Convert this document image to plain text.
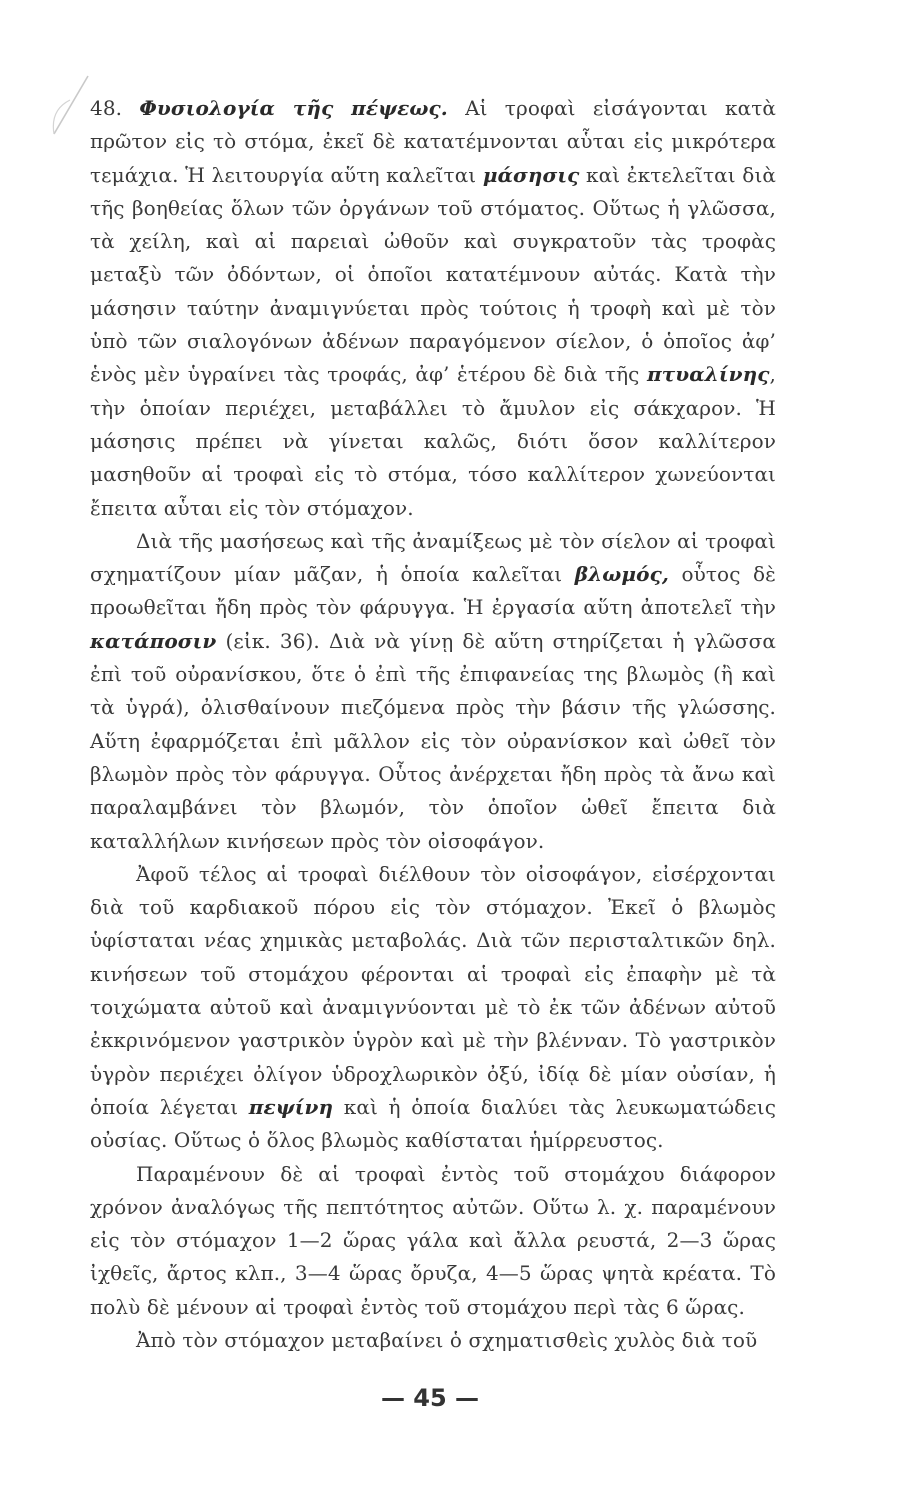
48. Φυσιολογία τῆς πέψεως. Αἱ τροφαὶ εἰσάγονται κατὰ πρῶτον εἰς τὸ στόμα, ἐκεῖ δὲ κατατέμνονται αὗται εἰς μικρότερα τεμάχια. Ἡ λειτουργία αὕτη καλεῖται μάσησις καὶ ἐκτελεῖται διὰ τῆς βοηθείας ὅλων τῶν ὀργάνων τοῦ στόματος. Οὕτως ἡ γλῶσσα, τὰ χείλη, καὶ αἱ παρειαὶ ὠθοῦν καὶ συγκρατοῦν τὰς τροφὰς μεταξὺ τῶν ὀδόντων, οἱ ὁποῖοι κατατέμνουν αὐτάς. Κατὰ τὴν μάσησιν ταύτην ἀναμιγνύεται πρὸς τούτοις ἡ τροφὴ καὶ μὲ τὸν ὑπὸ τῶν σιαλογόνων ἀδένων παραγόμενον σίελον, ὁ ὁποῖος ἀφ’ ἑνὸς μὲν ὑγραίνει τὰς τροφάς, ἀφ’ ἑτέρου δὲ διὰ τῆς πτυαλίνης, τὴν ὁποίαν περιέχει, μεταβάλλει τὸ ἄμυλον εἰς σάκχαρον. Ἡ μάσησις πρέπει νὰ γίνεται καλῶς, διότι ὅσον καλλίτερον μασηθοῦν αἱ τροφαὶ εἰς τὸ στόμα, τόσο καλλίτερον χωνεύονται ἔπειτα αὗται εἰς τὸν στόμαχον.

Διὰ τῆς μασήσεως καὶ τῆς ἀναμίξεως μὲ τὸν σίελον αἱ τροφαὶ σχηματίζουν μίαν μᾶζαν, ἡ ὁποία καλεῖται βλωμός, οὗτος δὲ προωθεῖται ἤδη πρὸς τὸν φάρυγγα. Ἡ ἐργασία αὕτη ἀποτελεῖ τὴν κατάποσιν (εἰκ. 36). Διὰ νὰ γίνῃ δὲ αὕτη στηρίζεται ἡ γλῶσσα ἐπὶ τοῦ οὐρανίσκου, ὅτε ὁ ἐπὶ τῆς ἐπιφανείας της βλωμὸς (ἢ καὶ τὰ ὑγρά), ὀλισθαίνουν πιεζόμενα πρὸς τὴν βάσιν τῆς γλώσσης. Αὕτη ἐφαρμόζεται ἐπὶ μᾶλλον εἰς τὸν οὐρανίσκον καὶ ὠθεῖ τὸν βλωμὸν πρὸς τὸν φάρυγγα. Οὗτος ἀνέρχεται ἤδη πρὸς τὰ ἄνω καὶ παραλαμβάνει τὸν βλωμόν, τὸν ὁποῖον ὠθεῖ ἔπειτα διὰ καταλλήλων κινήσεων πρὸς τὸν οἰσοφάγον.

Ἀφοῦ τέλος αἱ τροφαὶ διέλθουν τὸν οἰσοφάγον, εἰσέρχονται διὰ τοῦ καρδιακοῦ πόρου εἰς τὸν στόμαχον. Ἐκεῖ ὁ βλωμὸς ὑφίσταται νέας χημικὰς μεταβολάς. Διὰ τῶν περισταλτικῶν δηλ. κινήσεων τοῦ στομάχου φέρονται αἱ τροφαὶ εἰς ἐπαφὴν μὲ τὰ τοιχώματα αὐτοῦ καὶ ἀναμιγνύονται μὲ τὸ ἐκ τῶν ἀδένων αὐτοῦ ἐκκρινόμενον γαστρικὸν ὑγρὸν καὶ μὲ τὴν βλένναν. Τὸ γαστρικὸν ὑγρὸν περιέχει ὀλίγον ὑδροχλωρικὸν ὀξύ, ἰδίᾳ δὲ μίαν οὐσίαν, ἡ ὁποία λέγεται πεψίνη καὶ ἡ ὁποία διαλύει τὰς λευκωματώδεις οὐσίας. Οὕτως ὁ ὅλος βλωμὸς καθίσταται ἡμίρρευστος.

Παραμένουν δὲ αἱ τροφαὶ ἐντὸς τοῦ στομάχου διάφορον χρόνον ἀναλόγως τῆς πεπτότητος αὐτῶν. Οὕτω λ. χ. παραμένουν εἰς τὸν στόμαχον 1—2 ὥρας γάλα καὶ ἄλλα ρευστά, 2—3 ὥρας ἰχθεῖς, ἄρτος κλπ., 3—4 ὥρας ὄρυζα, 4—5 ὥρας ψητὰ κρέατα. Τὸ πολὺ δὲ μένουν αἱ τροφαὶ ἐντὸς τοῦ στομάχου περὶ τὰς 6 ὥρας.

Ἀπὸ τὸν στόμαχον μεταβαίνει ὁ σχηματισθεὶς χυλὸς διὰ τοῦ

— 45 —
